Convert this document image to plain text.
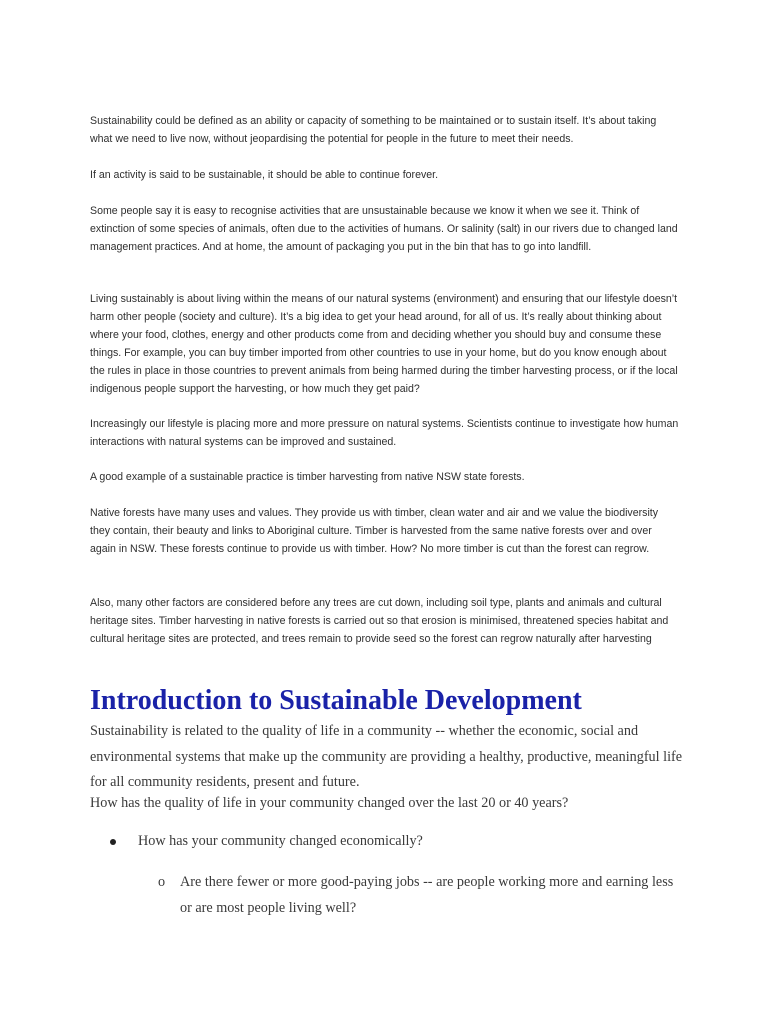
Sustainability could be defined as an ability or capacity of something to be maintained or to sustain itself. It’s about taking what we need to live now, without jeopardising the potential for people in the future to meet their needs.

If an activity is said to be sustainable, it should be able to continue forever.

Some people say it is easy to recognise activities that are unsustainable because we know it when we see it. Think of extinction of some species of animals, often due to the activities of humans. Or salinity (salt) in our rivers due to changed land management practices. And at home, the amount of packaging you put in the bin that has to go into landfill.

Living sustainably is about living within the means of our natural systems (environment) and ensuring that our lifestyle doesn’t harm other people (society and culture). It’s a big idea to get your head around, for all of us. It’s really about thinking about where your food, clothes, energy and other products come from and deciding whether you should buy and consume these things. For example, you can buy timber imported from other countries to use in your home, but do you know enough about the rules in place in those countries to prevent animals from being harmed during the timber harvesting process, or if the local indigenous people support the harvesting, or how much they get paid?

Increasingly our lifestyle is placing more and more pressure on natural systems. Scientists continue to investigate how human interactions with natural systems can be improved and sustained.

A good example of a sustainable practice is timber harvesting from native NSW state forests.

Native forests have many uses and values. They provide us with timber, clean water and air and we value the biodiversity they contain, their beauty and links to Aboriginal culture. Timber is harvested from the same native forests over and over again in NSW. These forests continue to provide us with timber. How? No more timber is cut than the forest can regrow.

Also, many other factors are considered before any trees are cut down, including soil type, plants and animals and cultural heritage sites. Timber harvesting in native forests is carried out so that erosion is minimised, threatened species habitat and cultural heritage sites are protected, and trees remain to provide seed so the forest can regrow naturally after harvesting

Introduction to Sustainable Development

Sustainability is related to the quality of life in a community -- whether the economic, social and environmental systems that make up the community are providing a healthy, productive, meaningful life for all community residents, present and future.

How has the quality of life in your community changed over the last 20 or 40 years?

How has your community changed economically?
o	Are there fewer or more good-paying jobs -- are people working more and earning less or are most people living well?
